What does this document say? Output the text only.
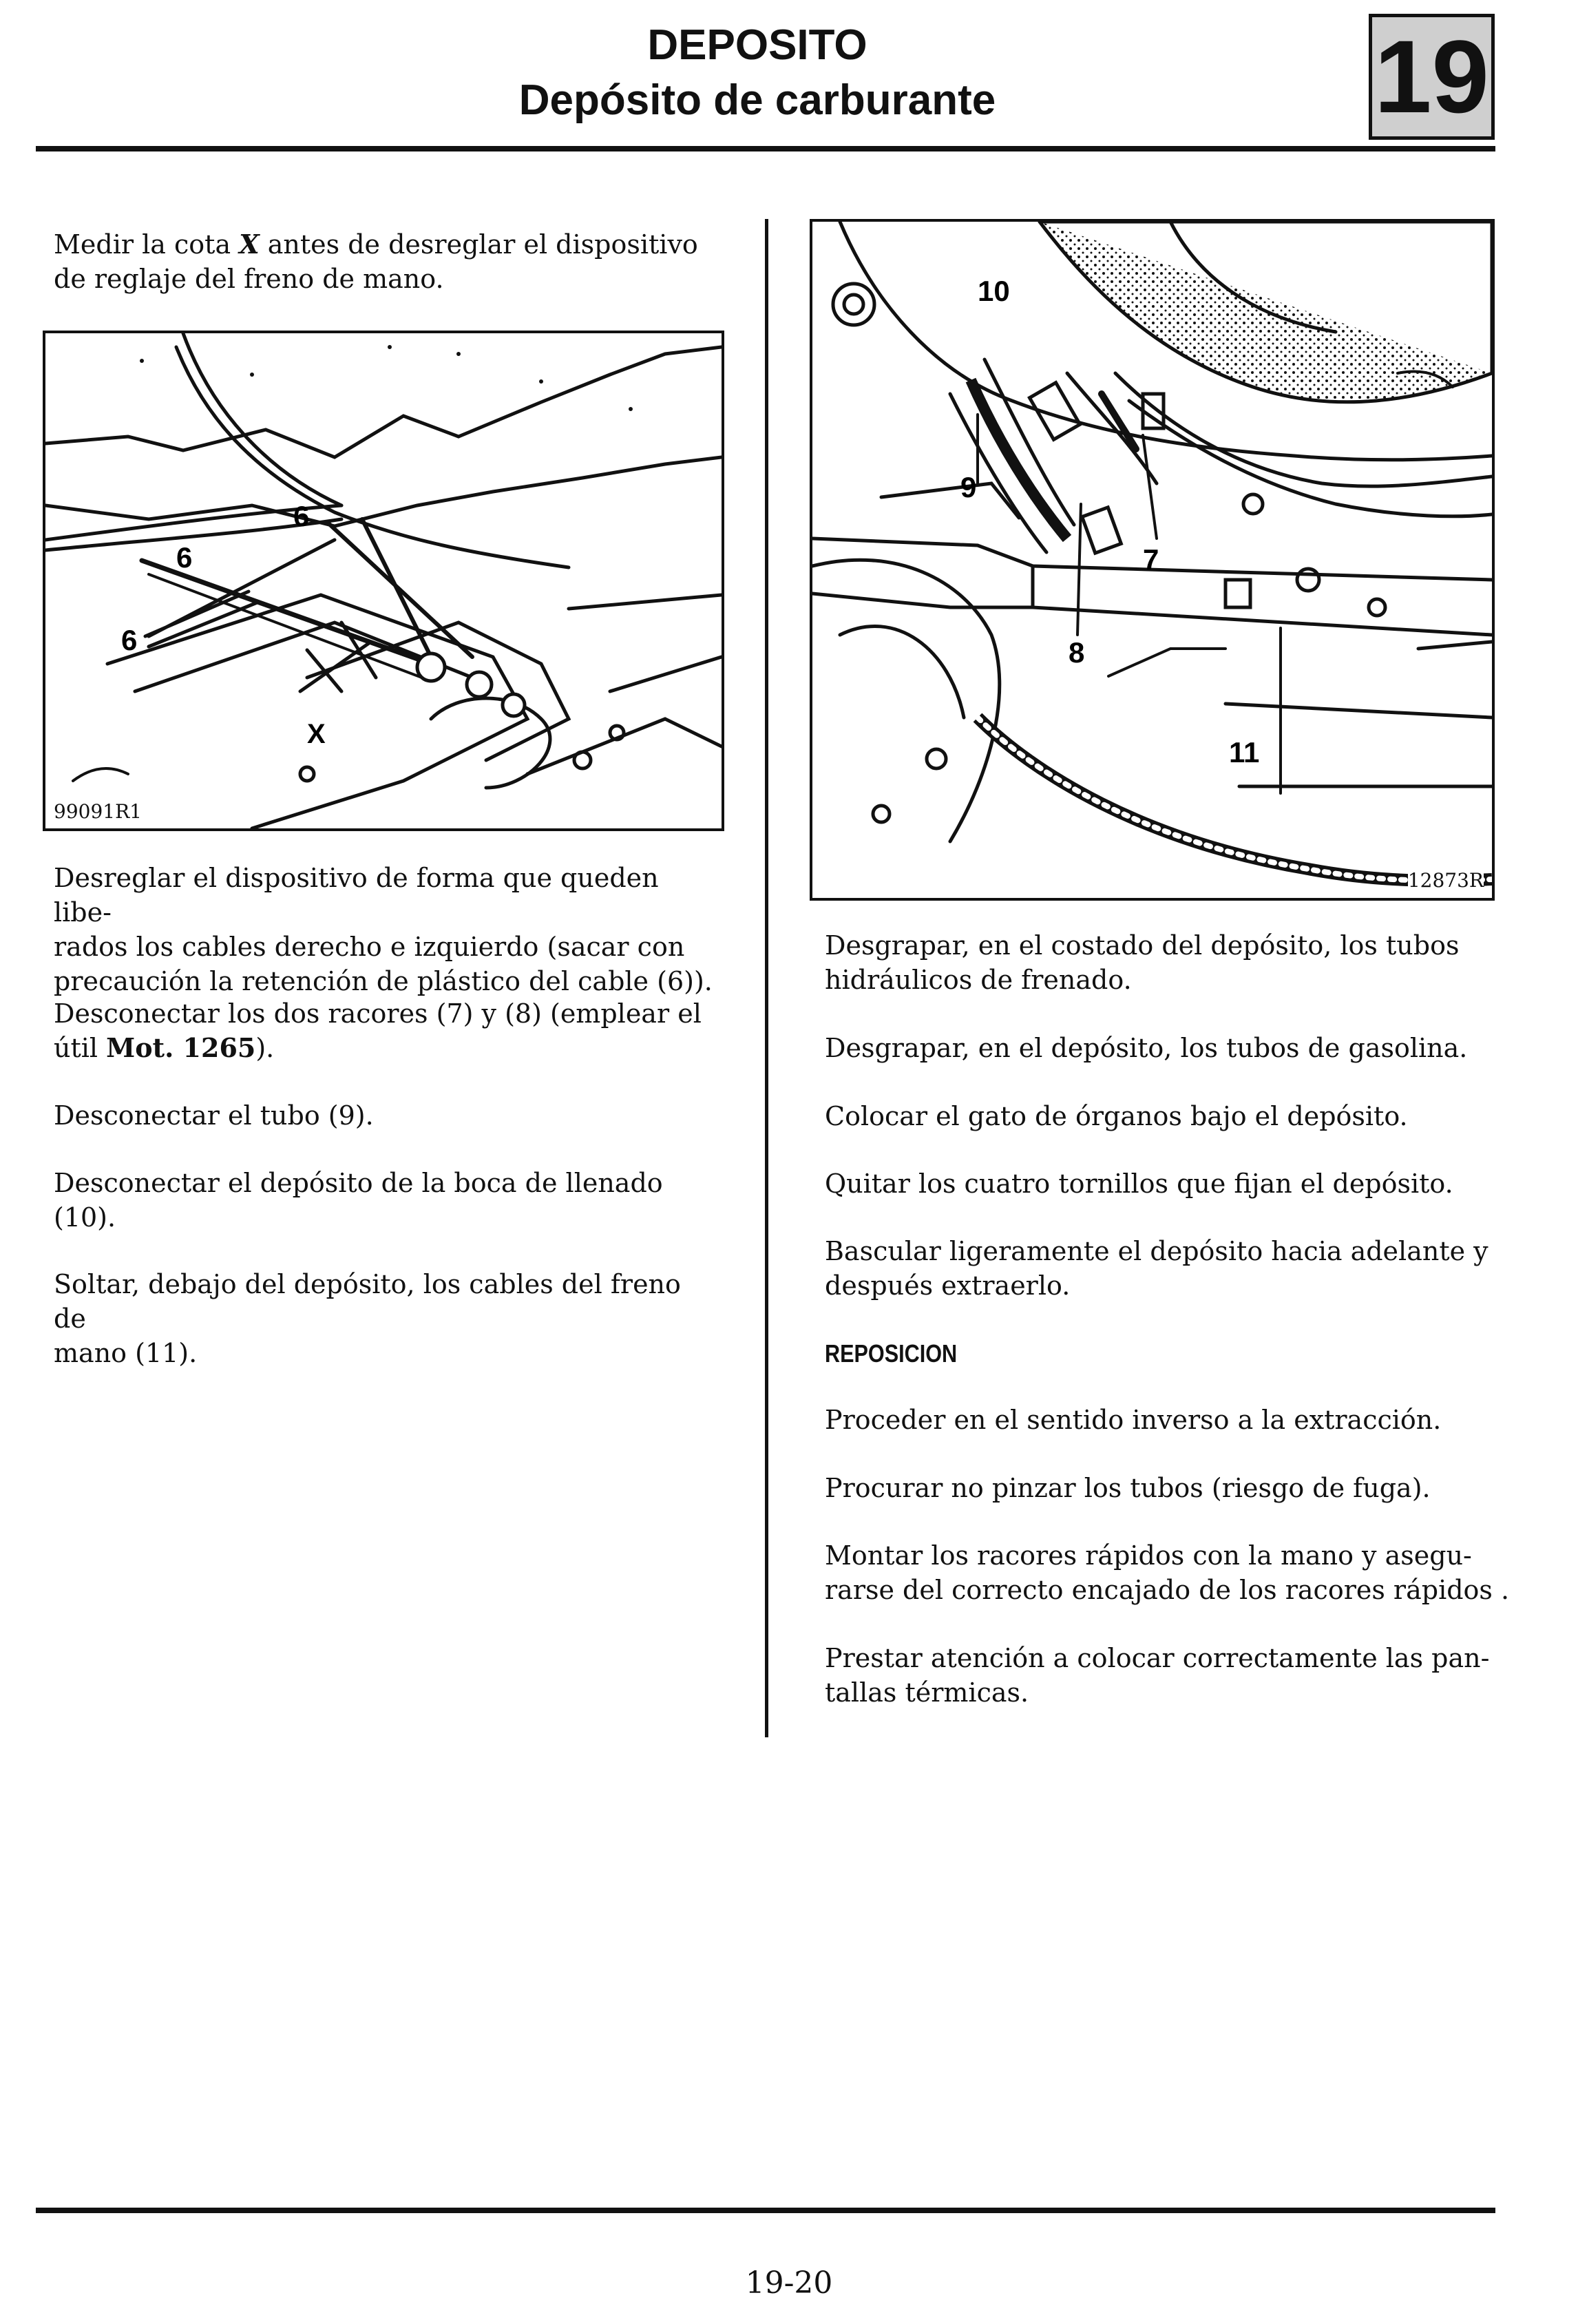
DEPOSITO
Depósito de carburante	19
Medir la cota X antes de desreglar el dispositivo
de reglaje del freno de mano.
6
6
6
X
99091R1
Desreglar el dispositivo de forma que queden libe-
rados los cables derecho e izquierdo (sacar con
precaución la retención de plástico del cable (6)).
Desconectar los dos racores (7) y (8) (emplear el
útil Mot. 1265).
Desconectar el tubo (9).
Desconectar el depósito de la boca de llenado
(10).
Soltar, debajo del depósito, los cables del freno de
mano (11).
10
9
7
8
11
12873R
Desgrapar, en el costado del depósito, los tubos
hidráulicos de frenado.
Desgrapar, en el depósito, los tubos de gasolina.
Colocar el gato de órganos bajo el depósito.
Quitar los cuatro tornillos que fijan el depósito.
Bascular ligeramente el depósito hacia adelante y
después extraerlo.
REPOSICION
Proceder en el sentido inverso a la extracción.
Procurar no pinzar los tubos (riesgo de fuga).
Montar los racores rápidos con la mano y asegu-
rarse del correcto encajado de los racores rápidos .
Prestar atención a colocar correctamente las pan-
tallas térmicas.
19-20
